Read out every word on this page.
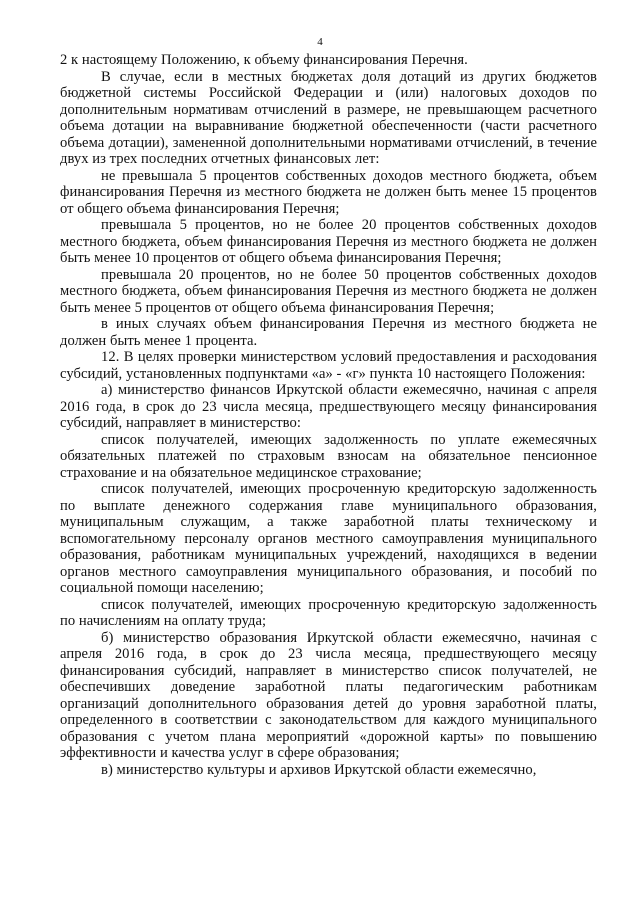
4

2 к настоящему Положению, к объему финансирования Перечня.

В случае, если в местных бюджетах доля дотаций из других бюджетов бюджетной системы Российской Федерации и (или) налоговых доходов по дополнительным нормативам отчислений в размере, не превышающем расчетного объема дотации на выравнивание бюджетной обеспеченности (части расчетного объема дотации), замененной дополнительными нормативами отчислений, в течение двух из трех последних отчетных финансовых лет:

не превышала 5 процентов собственных доходов местного бюджета, объем финансирования Перечня из местного бюджета не должен быть менее 15 процентов от общего объема финансирования Перечня;

превышала 5 процентов, но не более 20 процентов собственных доходов местного бюджета, объем финансирования Перечня из местного бюджета не должен быть менее 10 процентов от общего объема финансирования Перечня;

превышала 20 процентов, но не более 50 процентов собственных доходов местного бюджета, объем финансирования Перечня из местного бюджета не должен быть менее 5 процентов от общего объема финансирования Перечня;

в иных случаях объем финансирования Перечня из местного бюджета не должен быть менее 1 процента.

12. В целях проверки министерством условий предоставления и расходования субсидий, установленных подпунктами «а» - «г» пункта 10 настоящего Положения:

а) министерство финансов Иркутской области ежемесячно, начиная с апреля 2016 года, в срок до 23 числа месяца, предшествующего месяцу финансирования субсидий, направляет в министерство:

список получателей, имеющих задолженность по уплате ежемесячных обязательных платежей по страховым взносам на обязательное пенсионное страхование и на обязательное медицинское страхование;

список получателей, имеющих просроченную кредиторскую задолженность по выплате денежного содержания главе муниципального образования, муниципальным служащим, а также заработной платы техническому и вспомогательному персоналу органов местного самоуправления муниципального образования, работникам муниципальных учреждений, находящихся в ведении органов местного самоуправления муниципального образования, и пособий по социальной помощи населению;

список получателей, имеющих просроченную кредиторскую задолженность по начислениям на оплату труда;

б) министерство образования Иркутской области ежемесячно, начиная с апреля 2016 года, в срок до 23 числа месяца, предшествующего месяцу финансирования субсидий, направляет в министерство список получателей, не обеспечивших доведение заработной платы педагогическим работникам организаций дополнительного образования детей до уровня заработной платы, определенного в соответствии с законодательством для каждого муниципального образования с учетом плана мероприятий «дорожной карты» по повышению эффективности и качества услуг в сфере образования;

в) министерство культуры и архивов Иркутской области ежемесячно,
